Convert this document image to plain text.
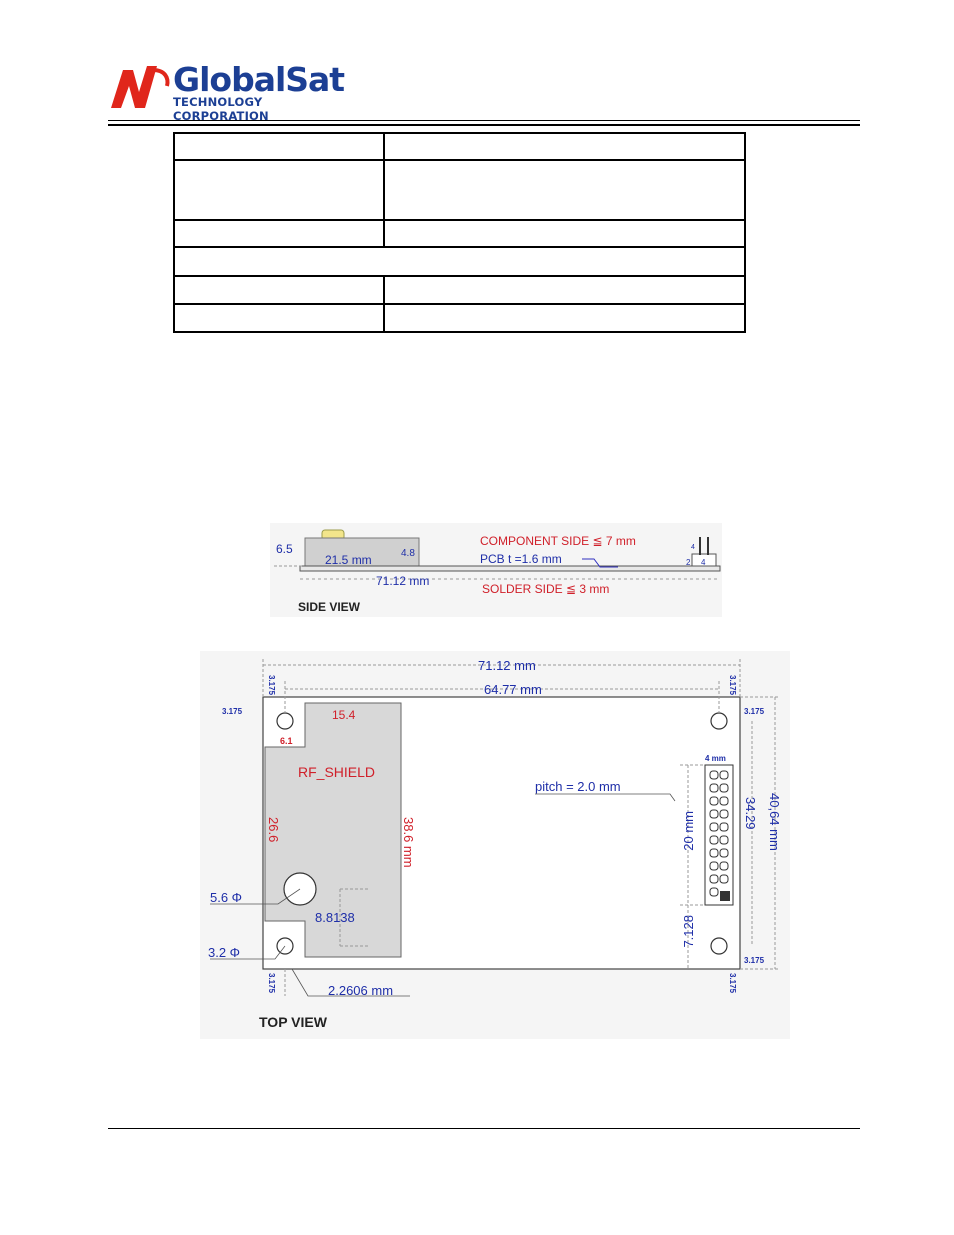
GlobalSat
TECHNOLOGY CORPORATION

6.5
21.5 mm	4.8
71.12 mm
COMPONENT SIDE ≦ 7 mm
PCB t =1.6 mm
SOLDER SIDE ≦ 3 mm
4
2 4
SIDE VIEW
71.12 mm
64.77 mm
3.175	3.175
3.175
3.175	3.175
3.175	3.175
15.4
6.1
RF_SHIELD
26.6	38.6 mm
pitch = 2.0 mm
4 mm
20 mm
7.128
34.29 40,64 mm
5.6 Φ
3.2 Φ
8.8138
2.2606 mm
TOP VIEW
